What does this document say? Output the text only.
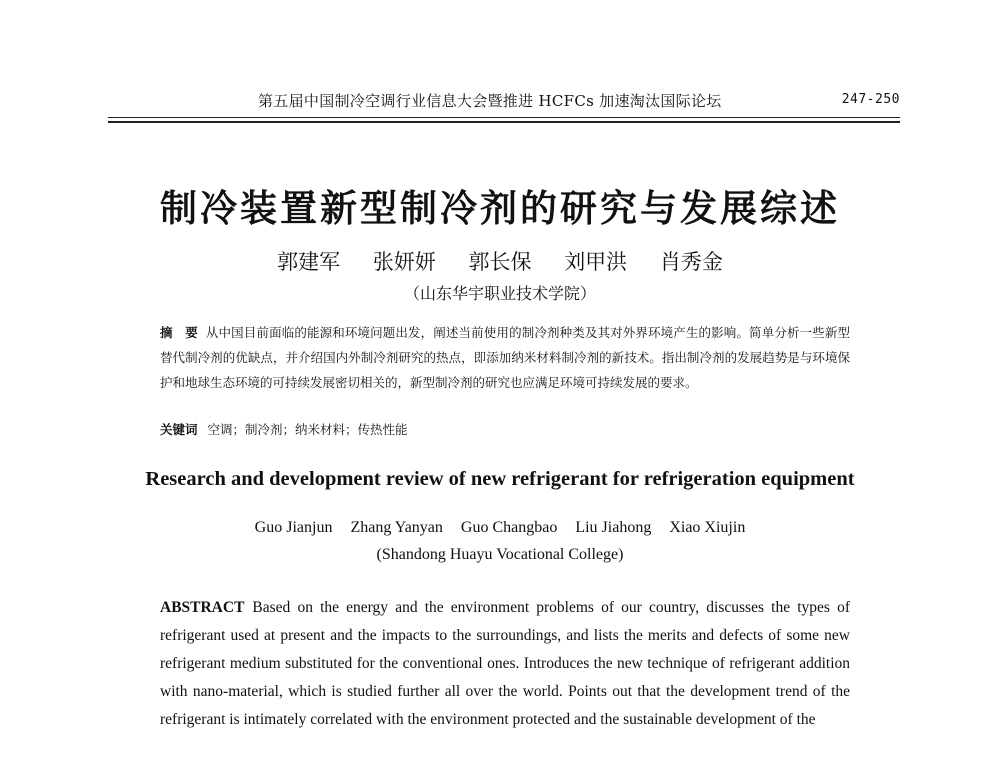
第五届中国制冷空调行业信息大会暨推进 HCFCs 加速淘汰国际论坛	247-250
制冷装置新型制冷剂的研究与发展综述
郭建军 张妍妍 郭长保 刘甲洪 肖秀金
（山东华宇职业技术学院）
摘　要 从中国目前面临的能源和环境问题出发，阐述当前使用的制冷剂种类及其对外界环境产生的影响。简单分析一些新型替代制冷剂的优缺点，并介绍国内外制冷剂研究的热点，即添加纳米材料制冷剂的新技术。指出制冷剂的发展趋势是与环境保护和地球生态环境的可持续发展密切相关的，新型制冷剂的研究也应满足环境可持续发展的要求。
关键词 空调；制冷剂；纳米材料；传热性能
Research and development review of new refrigerant for refrigeration equipment
Guo Jianjun Zhang Yanyan Guo Changbao Liu Jiahong Xiao Xiujin
(Shandong Huayu Vocational College)
ABSTRACT Based on the energy and the environment problems of our country, discusses the types of refrigerant used at present and the impacts to the surroundings, and lists the merits and defects of some new refrigerant medium substituted for the conventional ones. Introduces the new technique of refrigerant addition with nano-material, which is studied further all over the world. Points out that the development trend of the refrigerant is intimately correlated with the environment protected and the sustainable development of the
